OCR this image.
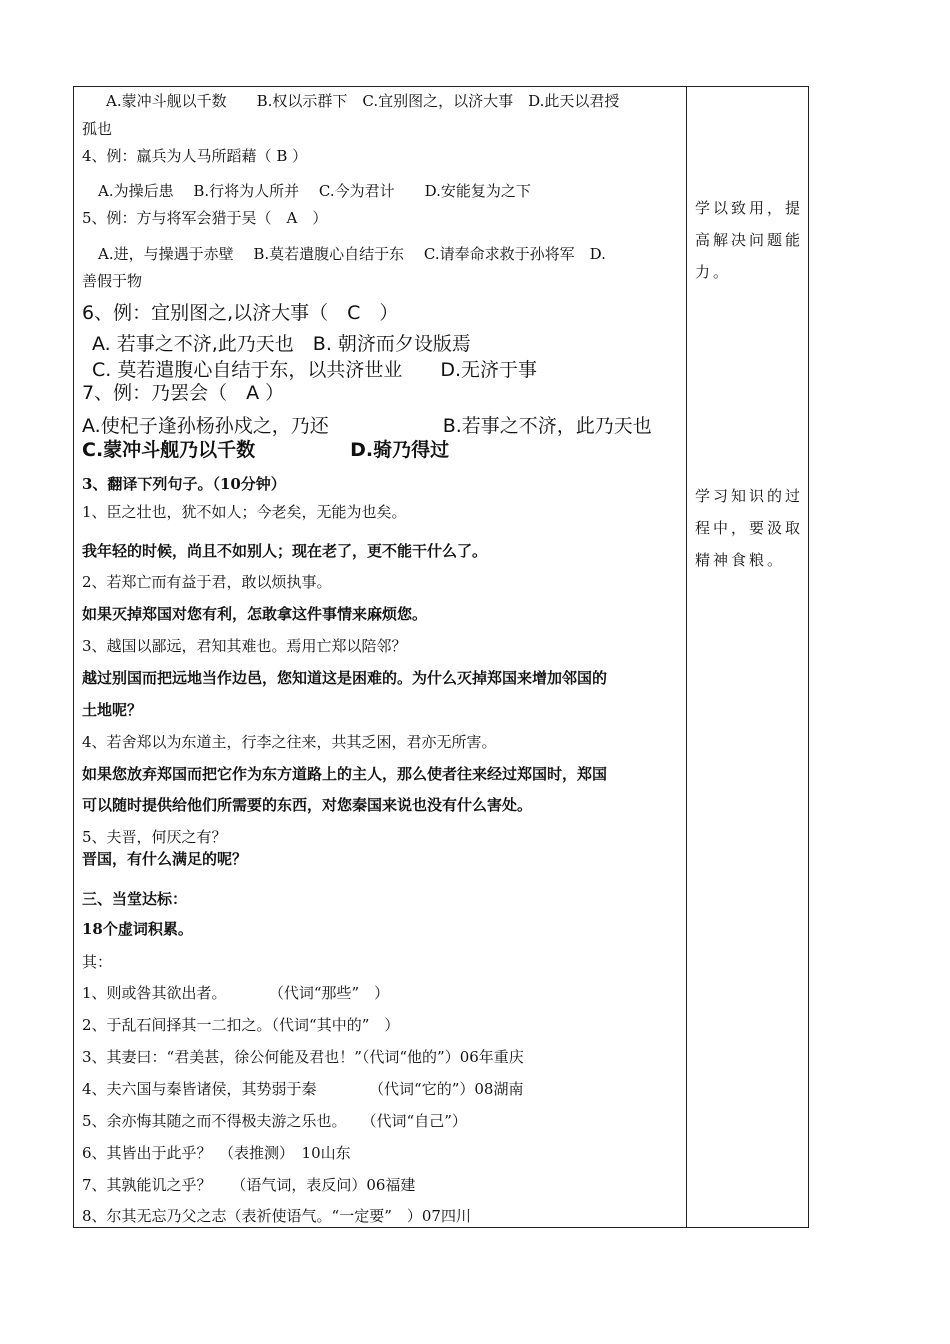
A.蒙冲斗舰以千数　　B.权以示群下　C.宜别图之，以济大事　D.此天以君授
孤也
4、例：羸兵为人马所蹈藉（ B ）
A.为操后患　 B.行将为人所并　 C.今为君计　　D.安能复为之下
5、例：方与将军会猎于吴（　A　）
A.进，与操遇于赤壁　 B.莫若遣腹心自结于东　 C.请奉命求救于孙将军　D.
善假于物
6、例：宜别图之,以济大事（　C　）
A. 若事之不济,此乃天也　B. 朝济而夕设版焉
C. 莫若遣腹心自结于东，以共济世业　　D.无济于事
7、例：乃罢会（　A ）
A.使杞子逢孙杨孙戍之，乃还　　　　　　B.若事之不济，此乃天也
C.蒙冲斗舰乃以千数　　　　　D.骑乃得过
3、翻译下列句子。（10分钟）
1、臣之壮也，犹不如人；今老矣，无能为也矣。
我年轻的时候，尚且不如别人；现在老了，更不能干什么了。
2、若郑亡而有益于君，敢以烦执事。
如果灭掉郑国对您有利，怎敢拿这件事情来麻烦您。
3、越国以鄙远，君知其难也。焉用亡郑以陪邻？
越过别国而把远地当作边邑，您知道这是困难的。为什么灭掉郑国来增加邻国的
土地呢？
4、若舍郑以为东道主，行李之往来，共其乏困，君亦无所害。
如果您放弃郑国而把它作为东方道路上的主人，那么使者往来经过郑国时，郑国
可以随时提供给他们所需要的东西，对您秦国来说也没有什么害处。
5、夫晋，何厌之有？
晋国，有什么满足的呢？
三、当堂达标：
18个虚词积累。
其：
1、则或咎其欲出者。　　　 （代词“那些”　）
2、于乱石间择其一二扣之。（代词“其中的”　）
3、其妻曰：“君美甚，徐公何能及君也！”（代词“他的”）06年重庆
4、夫六国与秦皆诸侯，其势弱于秦　　　　（代词“它的”）08湖南
5、余亦悔其随之而不得极夫游之乐也。　　（代词“自己”）
6、其皆出于此乎？　（表推测）　10山东
7、其孰能讥之乎？　 （语气词，表反问）06福建
8、尔其无忘乃父之志（表祈使语气。“一定要”　）07四川
学以致用，提
高解决问题能
力。
学习知识的过
程中，要汲取
精神食粮。
